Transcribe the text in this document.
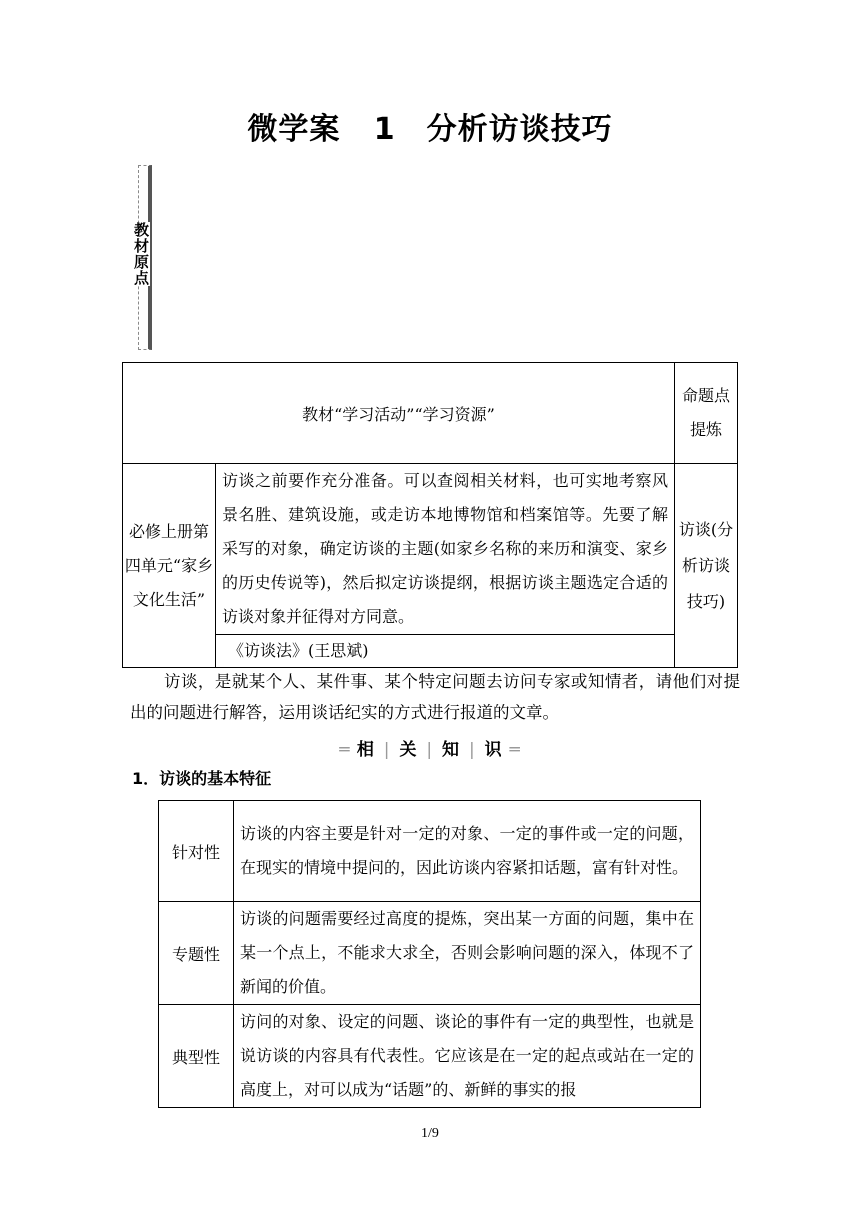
微学案 1　分析访谈技巧
教材原点
教材“学习活动”“学习资源”		命题点提炼
必修上册第四单元“家乡文化生活”	访谈之前要作充分准备。可以查阅相关材料，也可实地考察风景名胜、建筑设施，或走访本地博物馆和档案馆等。先要了解采写的对象，确定访谈的主题(如家乡名称的来历和演变、家乡的历史传说等)，然后拟定访谈提纲，根据访谈主题选定合适的访谈对象并征得对方同意。	访谈(分析访谈技巧)
	《访谈法》(王思斌)	
访谈，是就某个人、某件事、某个特定问题去访问专家或知情者，请他们对提出的问题进行解答，运用谈话纪实的方式进行报道的文章。
═ 相 | 关 | 知 | 识 ═
1．访谈的基本特征
针对性	访谈的内容主要是针对一定的对象、一定的事件或一定的问题，在现实的情境中提问的，因此访谈内容紧扣话题，富有针对性。
专题性	访谈的问题需要经过高度的提炼，突出某一方面的问题，集中在某一个点上，不能求大求全，否则会影响问题的深入，体现不了新闻的价值。
典型性	访问的对象、设定的问题、谈论的事件有一定的典型性，也就是说访谈的内容具有代表性。它应该是在一定的起点或站在一定的高度上，对可以成为“话题”的、新鲜的事实的报
1/9
